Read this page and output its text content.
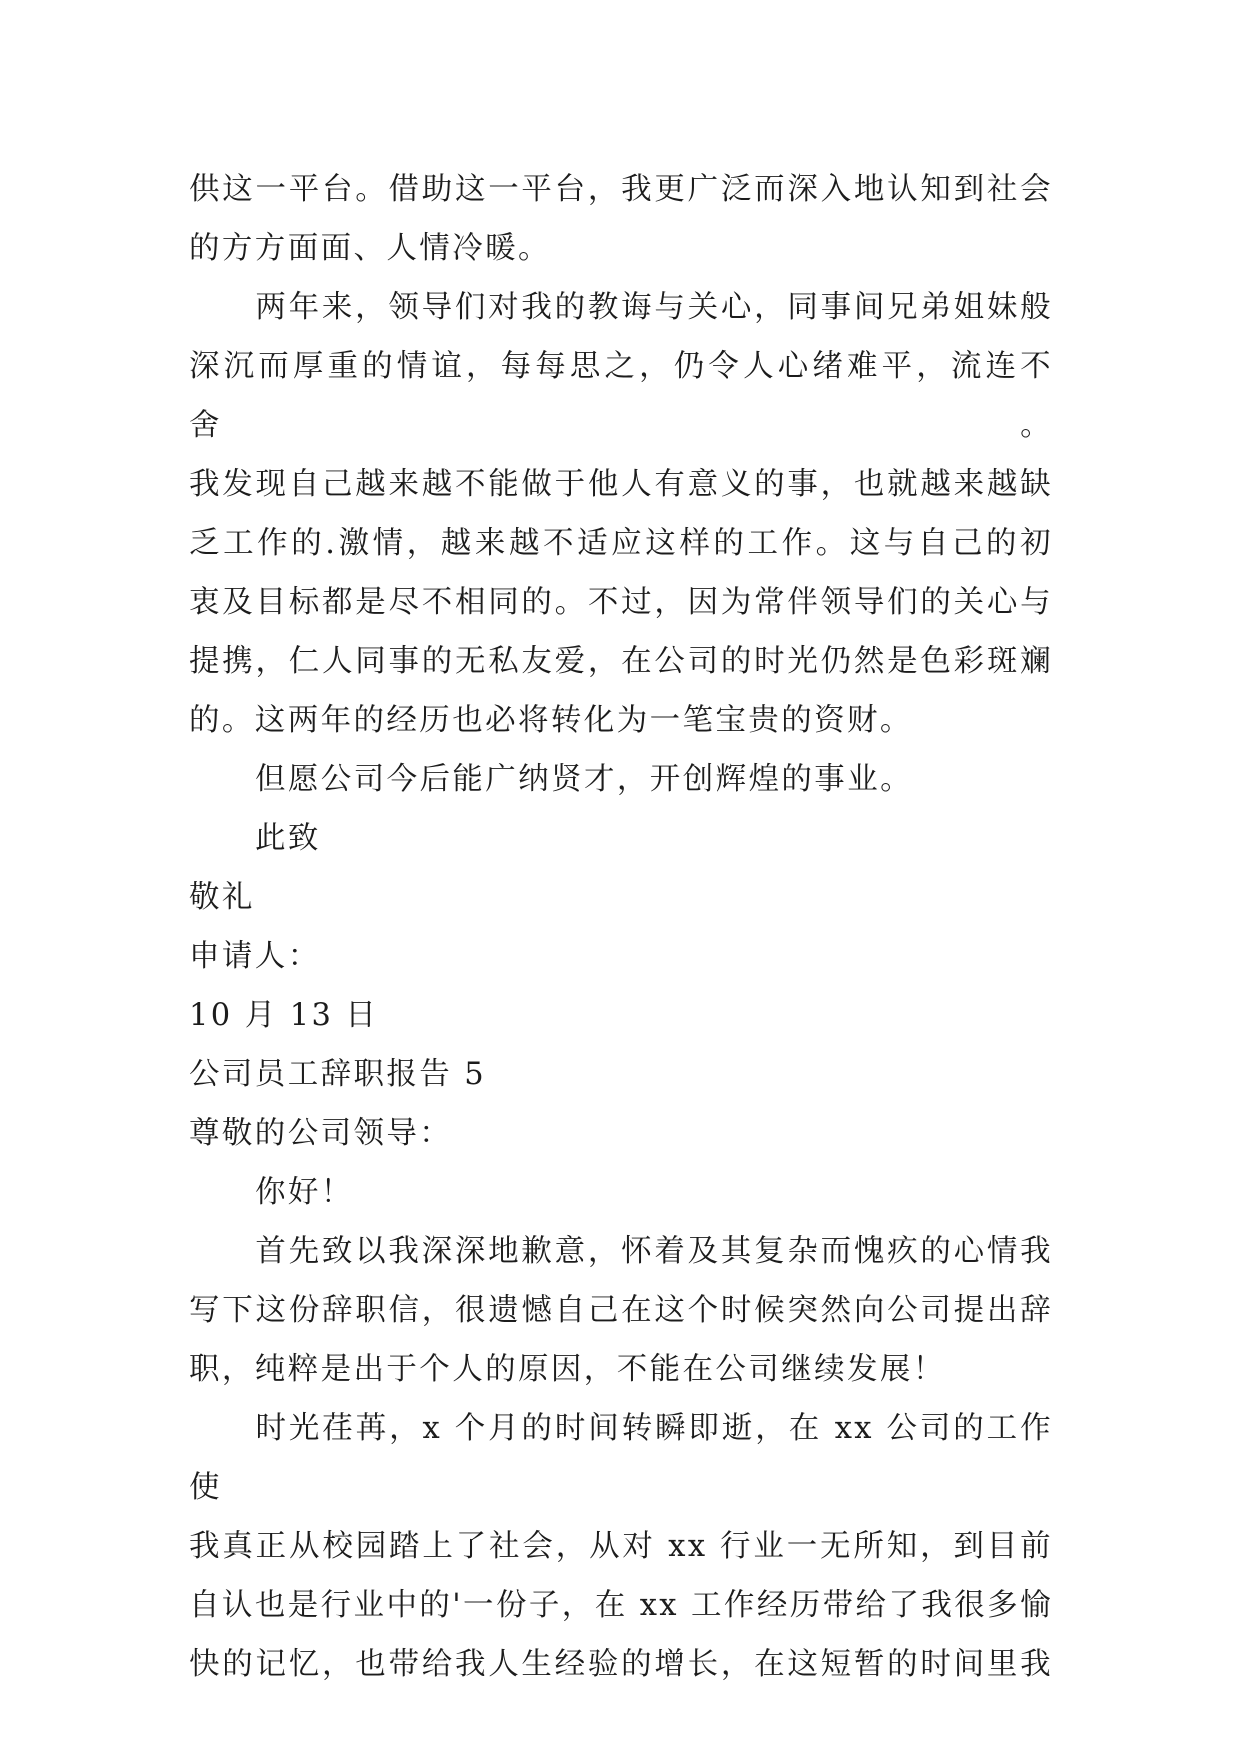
供这一平台。借助这一平台，我更广泛而深入地认知到社会

的方方面面、人情冷暖。

两年来，领导们对我的教诲与关心，同事间兄弟姐妹般

深沉而厚重的情谊，每每思之，仍令人心绪难平，流连不舍。

我发现自己越来越不能做于他人有意义的事，也就越来越缺

乏工作的.激情，越来越不适应这样的工作。这与自己的初

衷及目标都是尽不相同的。不过，因为常伴领导们的关心与

提携，仁人同事的无私友爱，在公司的时光仍然是色彩斑斓

的。这两年的经历也必将转化为一笔宝贵的资财。

但愿公司今后能广纳贤才，开创辉煌的事业。

此致

敬礼

申请人：

10 月 13 日

公司员工辞职报告 5

尊敬的公司领导：

你好！

首先致以我深深地歉意，怀着及其复杂而愧疚的心情我

写下这份辞职信，很遗憾自己在这个时候突然向公司提出辞

职，纯粹是出于个人的原因，不能在公司继续发展！

时光荏苒，x 个月的时间转瞬即逝，在 xx 公司的工作使

我真正从校园踏上了社会，从对 xx 行业一无所知，到目前

自认也是行业中的'一份子，在 xx 工作经历带给了我很多愉

快的记忆，也带给我人生经验的增长，在这短暂的时间里我
